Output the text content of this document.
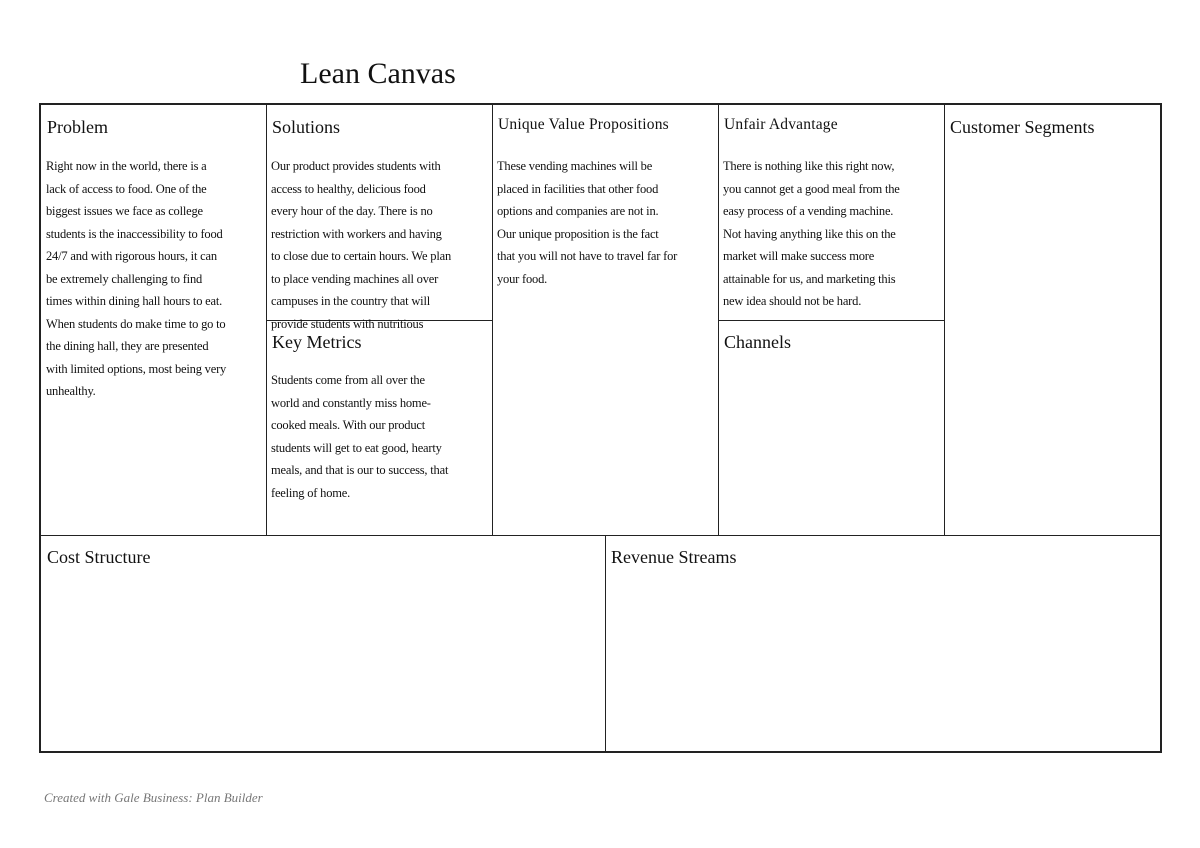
Lean Canvas
Problem
Right now in the world, there is a
lack of access to food. One of the
biggest issues we face as college
students is the inaccessibility to food
24/7 and with rigorous hours, it can
be extremely challenging to find
times within dining hall hours to eat.
When students do make time to go to
the dining hall, they are presented
with limited options, most being very
unhealthy.
Solutions
Our product provides students with
access to healthy, delicious food
every hour of the day. There is no
restriction with workers and having
to close due to certain hours. We plan
to place vending machines all over
campuses in the country that will
provide students with nutritious
Key Metrics
Students come from all over the
world and constantly miss home-
cooked meals. With our product
students will get to eat good, hearty
meals, and that is our to success, that
feeling of home.
Unique Value Propositions
These vending machines will be
placed in facilities that other food
options and companies are not in.
Our unique proposition is the fact
that you will not have to travel far for
your food.
Unfair Advantage
There is nothing like this right now,
you cannot get a good meal from the
easy process of a vending machine.
Not having anything like this on the
market will make success more
attainable for us, and marketing this
new idea should not be hard.
Channels
Customer Segments
Cost Structure	Revenue Streams
Created with Gale Business: Plan Builder
